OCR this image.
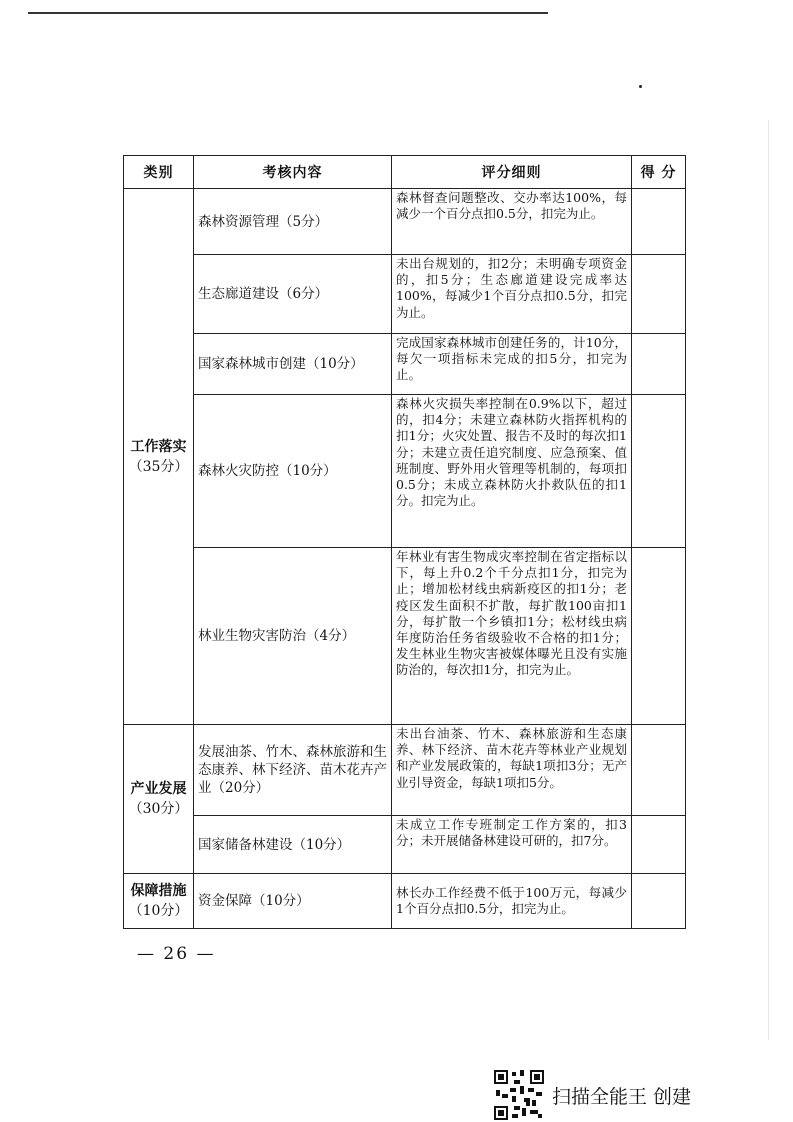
类别	考核内容	评分细则	得 分

工作落实
（35分）	森林资源管理（5分）	森林督查问题整改、交办率达100%，每减少一个百分点扣0.5分，扣完为止。	
	生态廊道建设（6分）	未出台规划的，扣2分；未明确专项资金的，扣5分；生态廊道建设完成率达100%，每减少1个百分点扣0.5分，扣完为止。	
	国家森林城市创建（10分）	完成国家森林城市创建任务的，计10分，每欠一项指标未完成的扣5分，扣完为止。	
	森林火灾防控（10分）	森林火灾损失率控制在0.9%以下，超过的，扣4分；未建立森林防火指挥机构的扣1分；火灾处置、报告不及时的每次扣1分；未建立责任追究制度、应急预案、值班制度、野外用火管理等机制的，每项扣0.5分；未成立森林防火扑救队伍的扣1分。扣完为止。	
	林业生物灾害防治（4分）	年林业有害生物成灾率控制在省定指标以下，每上升0.2个千分点扣1分，扣完为止；增加松材线虫病新疫区的扣1分；老疫区发生面积不扩散，每扩散100亩扣1分，每扩散一个乡镇扣1分；松材线虫病年度防治任务省级验收不合格的扣1分；发生林业生物灾害被媒体曝光且没有实施防治的，每次扣1分，扣完为止。	

产业发展
（30分）	发展油茶、竹木、森林旅游和生态康养、林下经济、苗木花卉产业（20分）	未出台油茶、竹木、森林旅游和生态康养、林下经济、苗木花卉等林业产业规划和产业发展政策的，每缺1项扣3分；无产业引导资金，每缺1项扣5分。	
	国家储备林建设（10分）	未成立工作专班制定工作方案的，扣3分；未开展储备林建设可研的，扣7分。	

保障措施
（10分）	资金保障（10分）	林长办工作经费不低于100万元，每减少1个百分点扣0.5分，扣完为止。	
— 26 —
扫描全能王 创建
